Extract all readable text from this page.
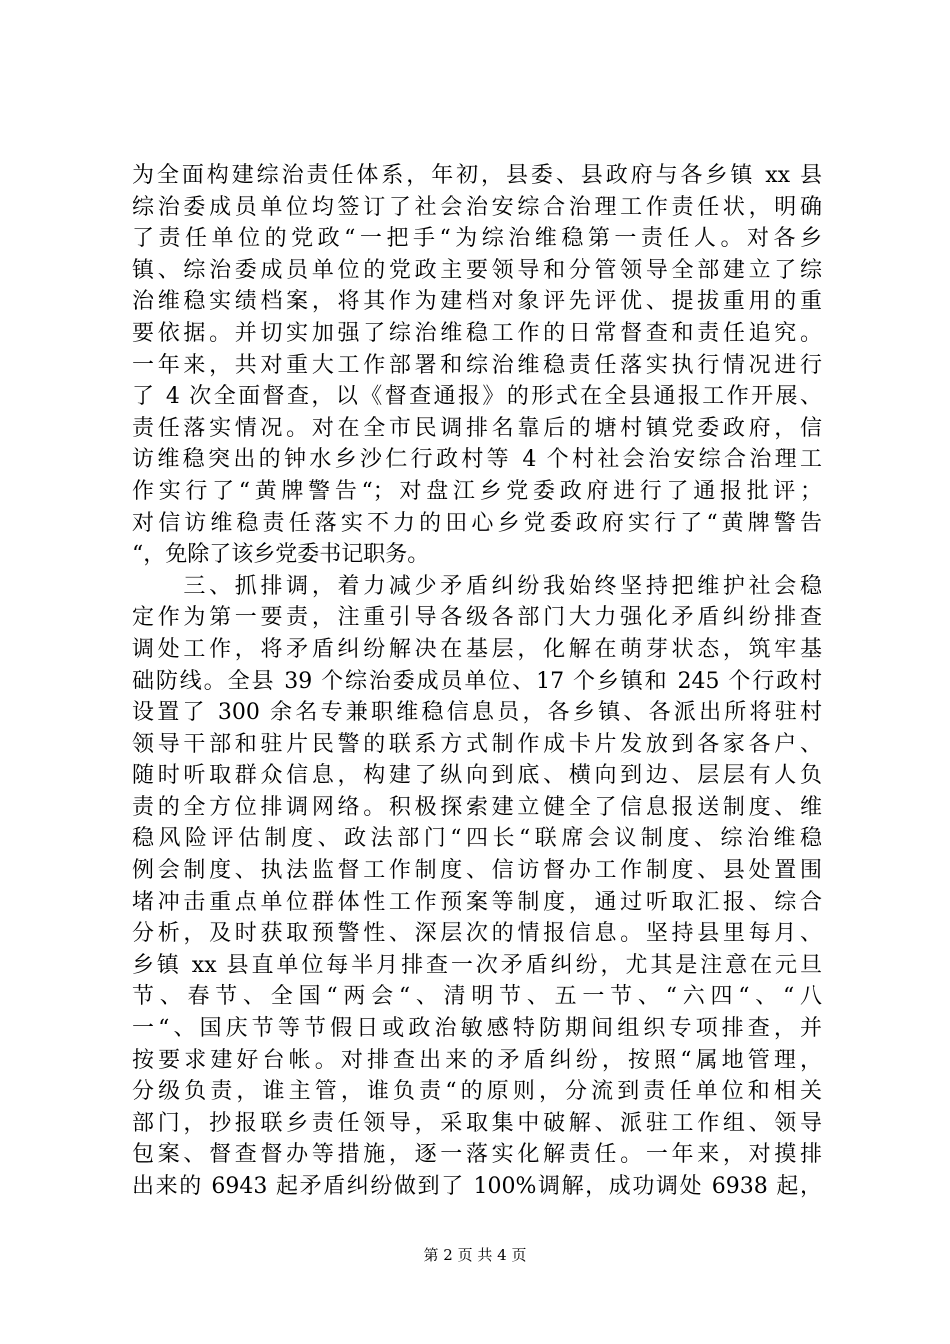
为全面构建综治责任体系，年初，县委、县政府与各乡镇 xx 县
综治委成员单位均签订了社会治安综合治理工作责任状，明确
了责任单位的党政“一把手“为综治维稳第一责任人。对各乡
镇、综治委成员单位的党政主要领导和分管领导全部建立了综
治维稳实绩档案，将其作为建档对象评先评优、提拔重用的重
要依据。并切实加强了综治维稳工作的日常督查和责任追究。
一年来，共对重大工作部署和综治维稳责任落实执行情况进行
了 4 次全面督查，以《督查通报》的形式在全县通报工作开展、
责任落实情况。对在全市民调排名靠后的塘村镇党委政府，信
访维稳突出的钟水乡沙仁行政村等 4 个村社会治安综合治理工
作实行了“黄牌警告“；对盘江乡党委政府进行了通报批评；
对信访维稳责任落实不力的田心乡党委政府实行了“黄牌警告
“，免除了该乡党委书记职务。
　　三、抓排调，着力减少矛盾纠纷我始终坚持把维护社会稳
定作为第一要责，注重引导各级各部门大力强化矛盾纠纷排查
调处工作，将矛盾纠纷解决在基层，化解在萌芽状态，筑牢基
础防线。全县 39 个综治委成员单位、17 个乡镇和 245 个行政村
设置了 300 余名专兼职维稳信息员，各乡镇、各派出所将驻村
领导干部和驻片民警的联系方式制作成卡片发放到各家各户、
随时听取群众信息，构建了纵向到底、横向到边、层层有人负
责的全方位排调网络。积极探索建立健全了信息报送制度、维
稳风险评估制度、政法部门“四长“联席会议制度、综治维稳
例会制度、执法监督工作制度、信访督办工作制度、县处置围
堵冲击重点单位群体性工作预案等制度，通过听取汇报、综合
分析，及时获取预警性、深层次的情报信息。坚持县里每月、
乡镇 xx 县直单位每半月排查一次矛盾纠纷，尤其是注意在元旦
节、春节、全国“两会“、清明节、五一节、“六四“、“八
一“、国庆节等节假日或政治敏感特防期间组织专项排查，并
按要求建好台帐。对排查出来的矛盾纠纷，按照“属地管理，
分级负责，谁主管，谁负责“的原则，分流到责任单位和相关
部门，抄报联乡责任领导，采取集中破解、派驻工作组、领导
包案、督查督办等措施，逐一落实化解责任。一年来，对摸排
出来的 6943 起矛盾纠纷做到了 100%调解，成功调处 6938 起，
第 2 页 共 4 页
